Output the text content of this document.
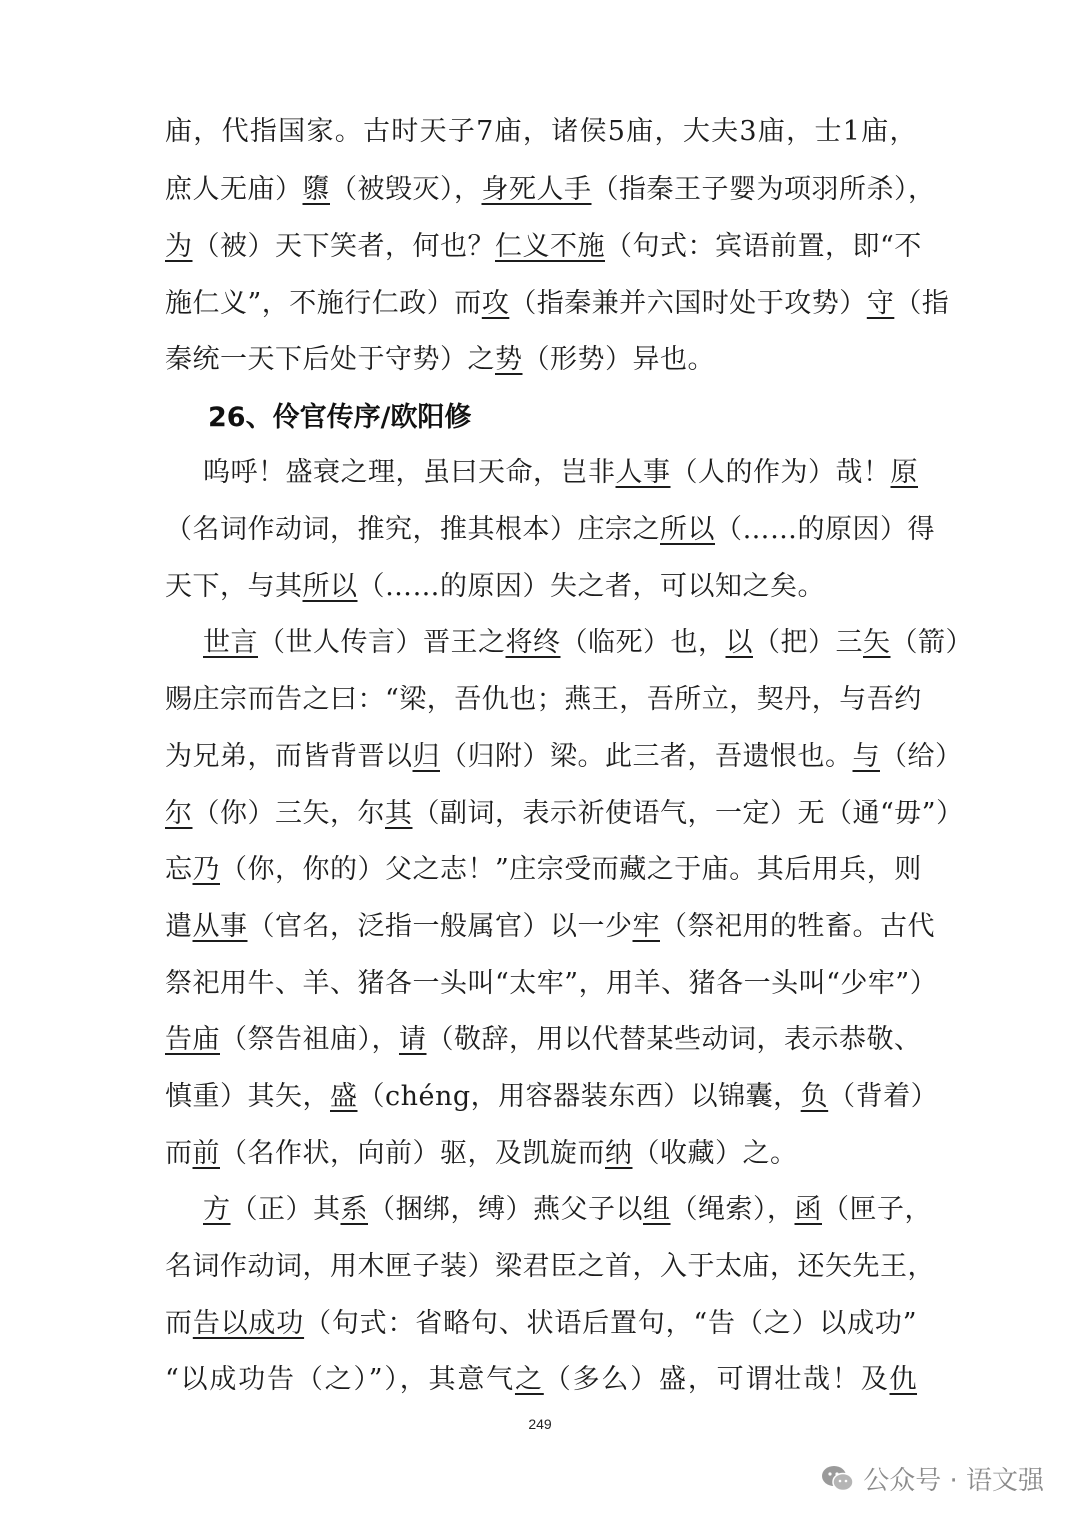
庙，代指国家。古时天子7庙，诸侯5庙，大夫3庙，士1庙，
庶人无庙）隳（被毁灭），身死人手（指秦王子婴为项羽所杀），
为（被）天下笑者，何也？仁义不施（句式：宾语前置，即“不
施仁义”，不施行仁政）而攻（指秦兼并六国时处于攻势）守（指
秦统一天下后处于守势）之势（形势）异也。
呜呼！盛衰之理，虽曰天命，岂非人事（人的作为）哉！原
（名词作动词，推究，推其根本）庄宗之所以（……的原因）得
天下，与其所以（……的原因）失之者，可以知之矣。
世言（世人传言）晋王之将终（临死）也，以（把）三矢（箭）
赐庄宗而告之曰：“梁，吾仇也；燕王，吾所立，契丹，与吾约
为兄弟，而皆背晋以归（归附）梁。此三者，吾遗恨也。与（给）
尔（你）三矢，尔其（副词，表示祈使语气，一定）无（通“毋”）
忘乃（你，你的）父之志！”庄宗受而藏之于庙。其后用兵，则
遣从事（官名，泛指一般属官）以一少牢（祭祀用的牲畜。古代
祭祀用牛、羊、猪各一头叫“太牢”，用羊、猪各一头叫“少牢”）
告庙（祭告祖庙），请（敬辞，用以代替某些动词，表示恭敬、
慎重）其矢，盛（chéng，用容器装东西）以锦囊，负（背着）
而前（名作状，向前）驱，及凯旋而纳（收藏）之。
方（正）其系（捆绑，缚）燕父子以组（绳索），函（匣子，
名词作动词，用木匣子装）梁君臣之首，入于太庙，还矢先王，
而告以成功（句式：省略句、状语后置句，“告（之）以成功”
“以成功告（之）”），其意气之（多么）盛，可谓壮哉！及仇
26、伶官传序/欧阳修
249
公众号 · 语文强
